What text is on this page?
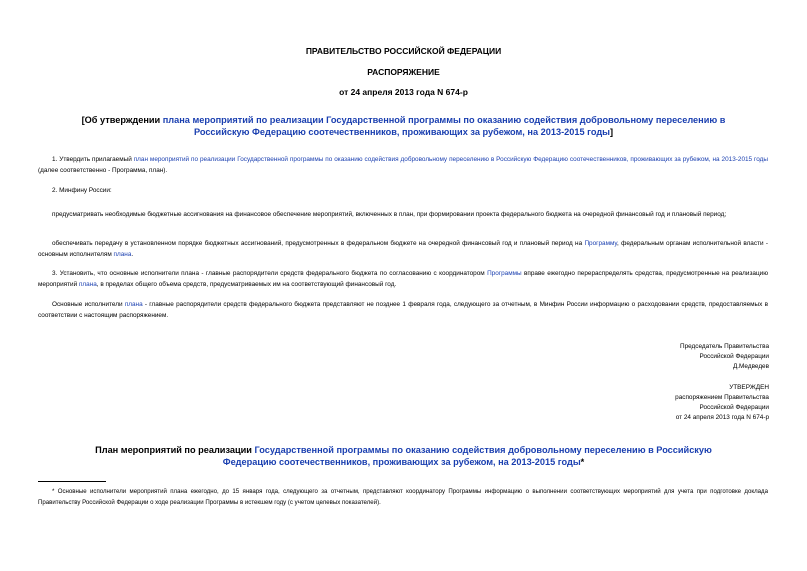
ПРАВИТЕЛЬСТВО РОССИЙСКОЙ ФЕДЕРАЦИИ
РАСПОРЯЖЕНИЕ
от 24 апреля 2013 года N 674-р
[Об утверждении плана мероприятий по реализации Государственной программы по оказанию содействия добровольному переселению в Российскую Федерацию соотечественников, проживающих за рубежом, на 2013-2015 годы]
1. Утвердить прилагаемый план мероприятий по реализации Государственной программы по оказанию содействия добровольному переселению в Российскую Федерацию соотечественников, проживающих за рубежом, на 2013-2015 годы (далее соответственно - Программа, план).
2. Минфину России:
предусматривать необходимые бюджетные ассигнования на финансовое обеспечение мероприятий, включенных в план, при формировании проекта федерального бюджета на очередной финансовый год и плановый период;
обеспечивать передачу в установленном порядке бюджетных ассигнований, предусмотренных в федеральном бюджете на очередной финансовый год и плановый период на Программу, федеральным органам исполнительной власти - основным исполнителям плана.
3. Установить, что основные исполнители плана - главные распорядители средств федерального бюджета по согласованию с координатором Программы вправе ежегодно перераспределять средства, предусмотренные на реализацию мероприятий плана, в пределах общего объема средств, предусматриваемых им на соответствующий финансовый год.
Основные исполнители плана - главные распорядители средств федерального бюджета представляют не позднее 1 февраля года, следующего за отчетным, в Минфин России информацию о расходовании средств, предоставляемых в соответствии с настоящим распоряжением.
Председатель Правительства
Российской Федерации
Д.Медведев
УТВЕРЖДЕН
распоряжением Правительства
Российской Федерации
от 24 апреля 2013 года N 674-р
План мероприятий по реализации Государственной программы по оказанию содействия добровольному переселению в Российскую Федерацию соотечественников, проживающих за рубежом, на 2013-2015 годы*
* Основные исполнители мероприятий плана ежегодно, до 15 января года, следующего за отчетным, представляют координатору Программы информацию о выполнении соответствующих мероприятий для учета при подготовке доклада Правительству Российской Федерации о ходе реализации Программы в истекшем году (с учетом целевых показателей).
